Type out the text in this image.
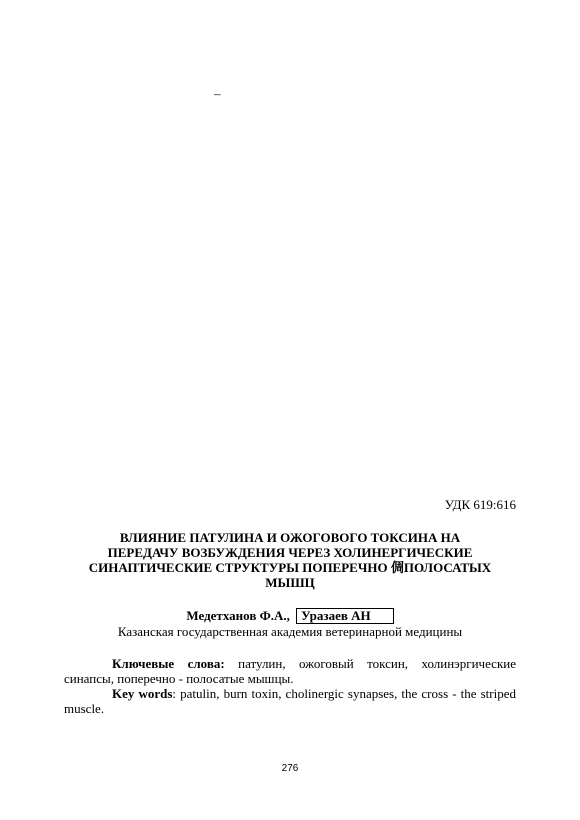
–
УДК 619:616
ВЛИЯНИЕ ПАТУЛИНА И ОЖОГОВОГО ТОКСИНА НА
ПЕРЕДАЧУ ВОЗБУЖДЕНИЯ ЧЕРЕЗ ХОЛИНЕРГИЧЕСКИЕ
СИНАПТИЧЕСКИЕ СТРУКТУРЫ ПОПЕРЕЧНО 倜ПОЛОСАТЫХ
МЫШЦ
Медетханов Ф.А., Уразаев АН
Казанская государственная академия ветеринарной медицины

Ключевые слова: патулин, ожоговый токсин, холинэргические синапсы, поперечно - полосатые мышцы.

Key words: patulin, burn toxin, cholinergic synapses, the cross - the striped muscle.

276
